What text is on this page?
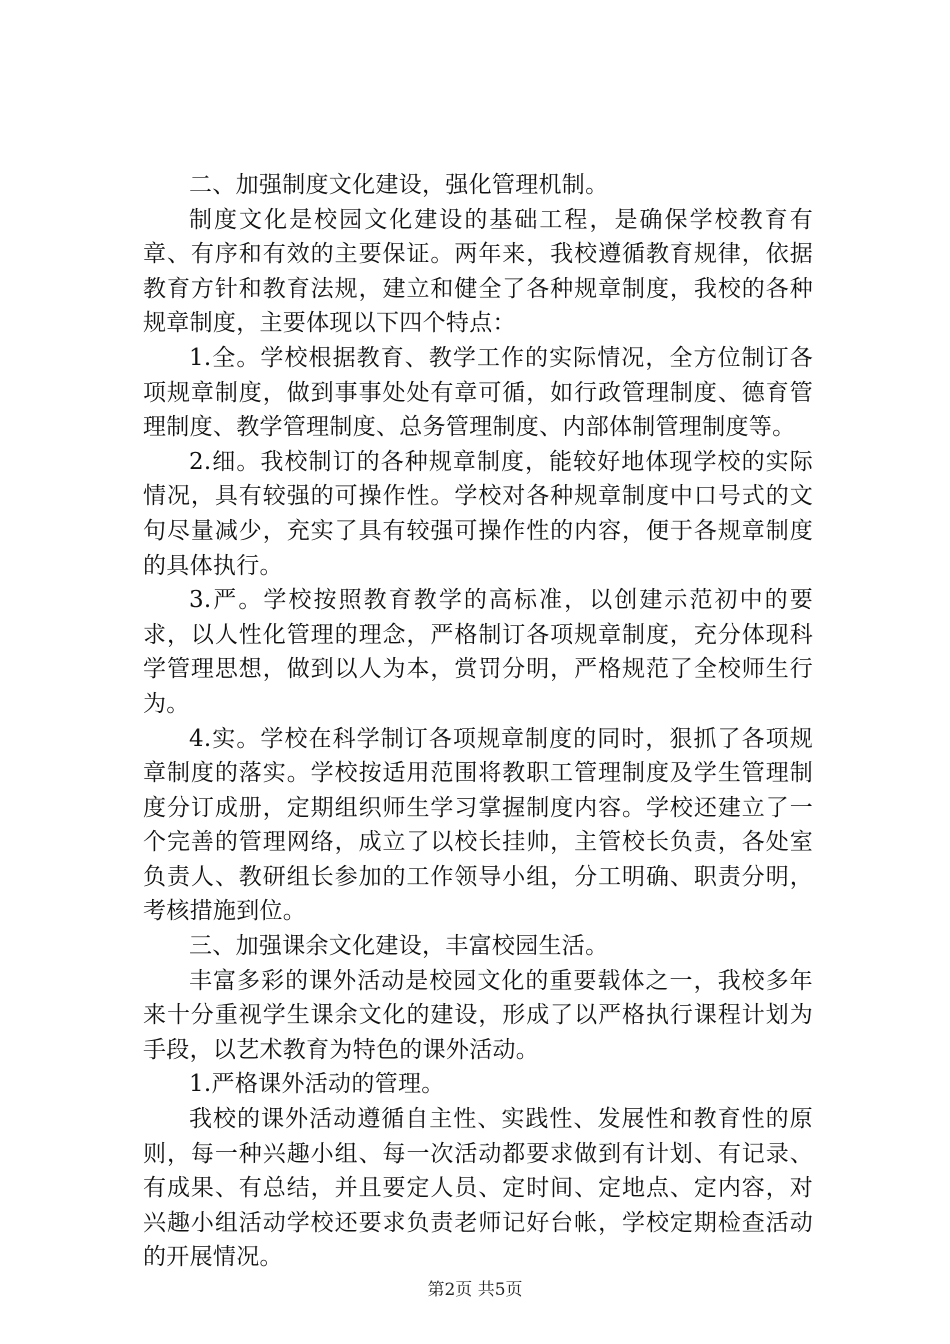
二、加强制度文化建设，强化管理机制。

制度文化是校园文化建设的基础工程，是确保学校教育有章、有序和有效的主要保证。两年来，我校遵循教育规律，依据教育方针和教育法规，建立和健全了各种规章制度，我校的各种规章制度，主要体现以下四个特点：

1.全。学校根据教育、教学工作的实际情况，全方位制订各项规章制度，做到事事处处有章可循，如行政管理制度、德育管理制度、教学管理制度、总务管理制度、内部体制管理制度等。

2.细。我校制订的各种规章制度，能较好地体现学校的实际情况，具有较强的可操作性。学校对各种规章制度中口号式的文句尽量减少，充实了具有较强可操作性的内容，便于各规章制度的具体执行。

3.严。学校按照教育教学的高标准，以创建示范初中的要求，以人性化管理的理念，严格制订各项规章制度，充分体现科学管理思想，做到以人为本，赏罚分明，严格规范了全校师生行为。

4.实。学校在科学制订各项规章制度的同时，狠抓了各项规章制度的落实。学校按适用范围将教职工管理制度及学生管理制度分订成册，定期组织师生学习掌握制度内容。学校还建立了一个完善的管理网络，成立了以校长挂帅，主管校长负责，各处室负责人、教研组长参加的工作领导小组，分工明确、职责分明，考核措施到位。

三、加强课余文化建设，丰富校园生活。

丰富多彩的课外活动是校园文化的重要载体之一，我校多年来十分重视学生课余文化的建设，形成了以严格执行课程计划为手段，以艺术教育为特色的课外活动。

1.严格课外活动的管理。

我校的课外活动遵循自主性、实践性、发展性和教育性的原则，每一种兴趣小组、每一次活动都要求做到有计划、有记录、有成果、有总结，并且要定人员、定时间、定地点、定内容，对兴趣小组活动学校还要求负责老师记好台帐，学校定期检查活动的开展情况。

第2页 共5页
